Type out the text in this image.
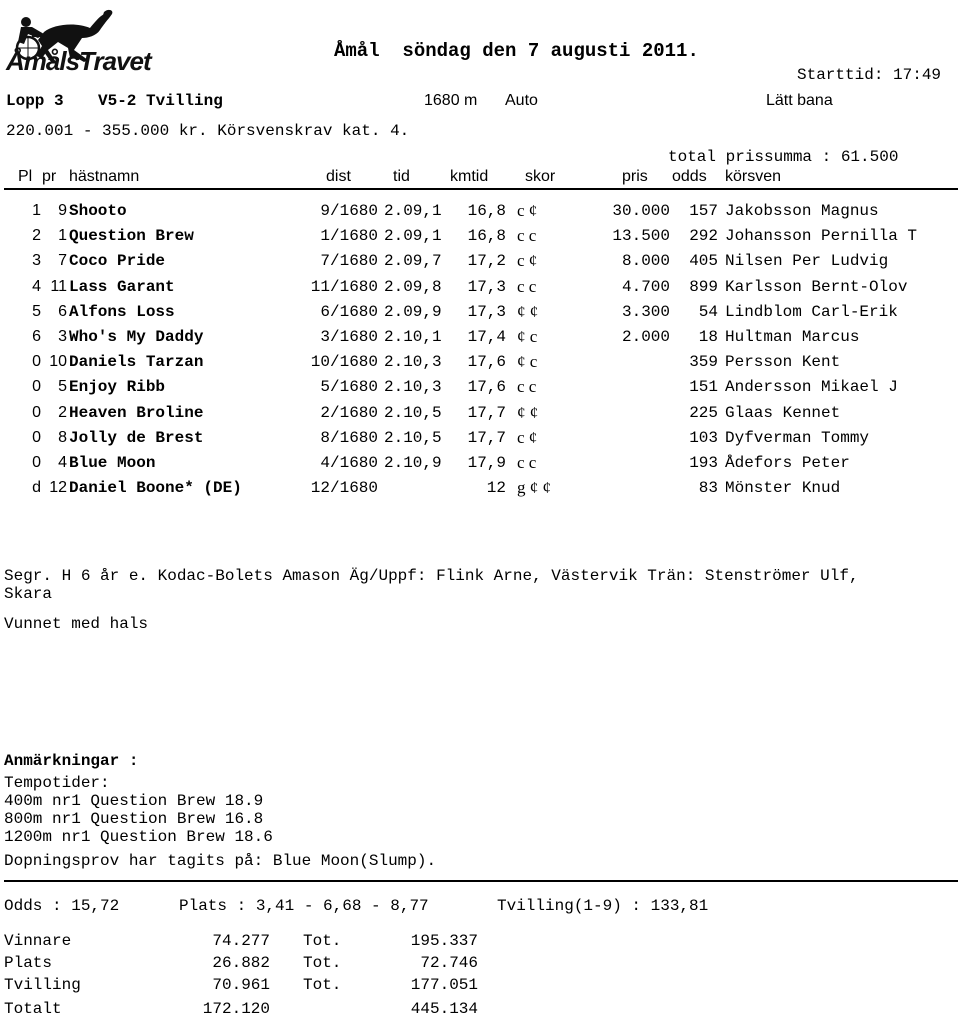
ÅmålsTravet	Åmål  söndag den 7 augusti 2011.
Starttid: 17:49
Lopp 3 V5-2 Tvilling	1680 m Auto	Lätt bana
220.001 - 355.000 kr. Körsvenskrav kat. 4.
total prissumma : 61.500
Pl pr hästnamn	dist	tid	kmtid skor	pris odds körsven
1	9 Shooto	9/1680 2.09,1	16,8 c ¢	30.000	157 Jakobsson Magnus
2	1 Question Brew	1/1680 2.09,1	16,8 c c	13.500	292 Johansson Pernilla T
3	7 Coco Pride	7/1680 2.09,7	17,2 c ¢	8.000	405 Nilsen Per Ludvig
4 11 Lass Garant	11/1680 2.09,8	17,3 c c	4.700	899 Karlsson Bernt-Olov
5	6 Alfons Loss	6/1680 2.09,9	17,3 ¢ ¢	3.300	54 Lindblom Carl-Erik
6	3 Who's My Daddy	3/1680 2.10,1	17,4 ¢ c	2.000	18 Hultman Marcus
0 10 Daniels Tarzan	10/1680 2.10,3	17,6 ¢ c	359 Persson Kent
0	5 Enjoy Ribb	5/1680 2.10,3	17,6 c c	151 Andersson Mikael J
0	2 Heaven Broline	2/1680 2.10,5	17,7 ¢ ¢	225 Glaas Kennet
0	8 Jolly de Brest	8/1680 2.10,5	17,7 c ¢	103 Dyfverman Tommy
0	4 Blue Moon	4/1680 2.10,9	17,9 c c	193 Ådefors Peter
d 12 Daniel Boone* (DE)	12/1680	12 g ¢ ¢	83 Mönster Knud
Segr. H 6 år e. Kodac-Bolets Amason Äg/Uppf: Flink Arne, Västervik Trän: Stenströmer Ulf,
Skara
Vunnet med hals
Anmärkningar :
Tempotider:
400m nr1 Question Brew 18.9
800m nr1 Question Brew 16.8
1200m nr1 Question Brew 18.6
Dopningsprov har tagits på: Blue Moon(Slump).
Odds : 15,72	Plats : 3,41 - 6,68 - 8,77	Tvilling(1-9) : 133,81
Vinnare	74.277 Tot.	195.337
Plats	26.882 Tot.	72.746
Tvilling	70.961 Tot.	177.051
Totalt	172.120	445.134
